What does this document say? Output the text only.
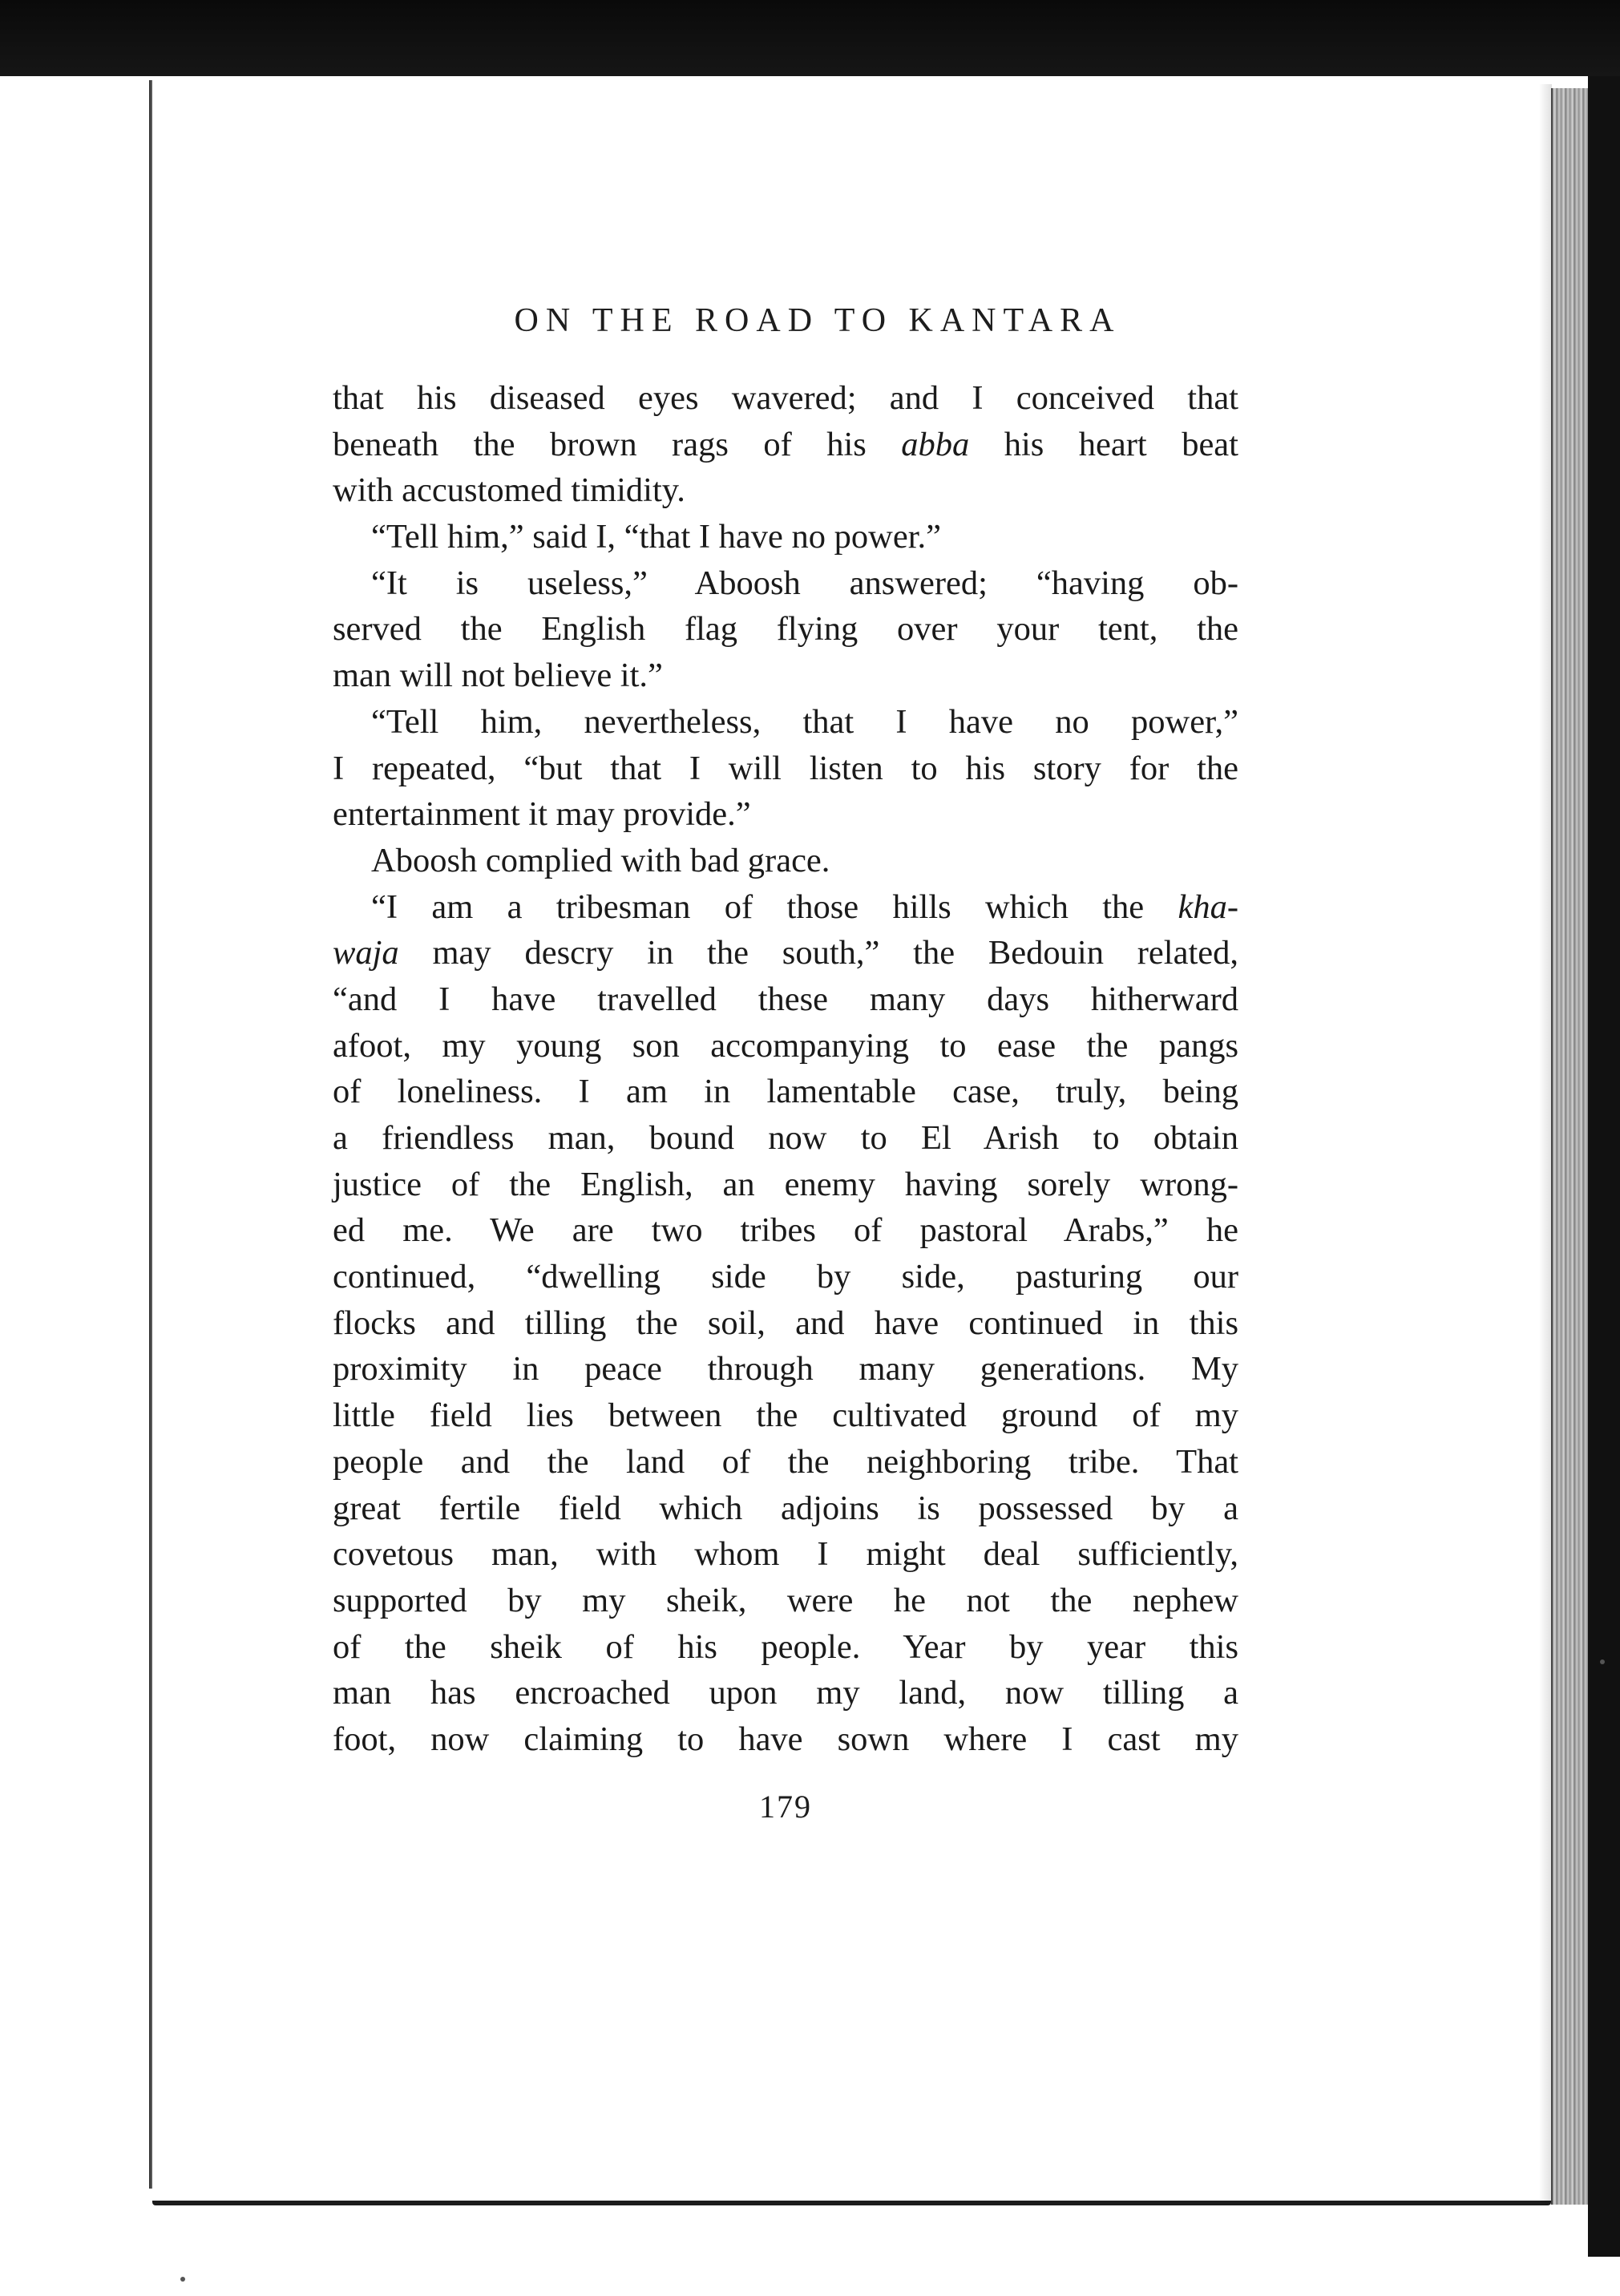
ON THE ROAD TO KANTARA
that his diseased eyes wavered; and I conceived that
beneath the brown rags of his abba his heart beat
with accustomed timidity.
“Tell him,” said I, “that I have no power.”
“It is useless,” Aboosh answered; “having ob-
served the English flag flying over your tent, the
man will not believe it.”
“Tell him, nevertheless, that I have no power,”
I repeated, “but that I will listen to his story for the
entertainment it may provide.”
Aboosh complied with bad grace.
“I am a tribesman of those hills which the kha-
waja may descry in the south,” the Bedouin related,
“and I have travelled these many days hitherward
afoot, my young son accompanying to ease the pangs
of loneliness. I am in lamentable case, truly, being
a friendless man, bound now to El Arish to obtain
justice of the English, an enemy having sorely wrong-
ed me. We are two tribes of pastoral Arabs,” he
continued, “dwelling side by side, pasturing our
flocks and tilling the soil, and have continued in this
proximity in peace through many generations. My
little field lies between the cultivated ground of my
people and the land of the neighboring tribe. That
great fertile field which adjoins is possessed by a
covetous man, with whom I might deal sufficiently,
supported by my sheik, were he not the nephew
of the sheik of his people. Year by year this
man has encroached upon my land, now tilling a
foot, now claiming to have sown where I cast my
179
